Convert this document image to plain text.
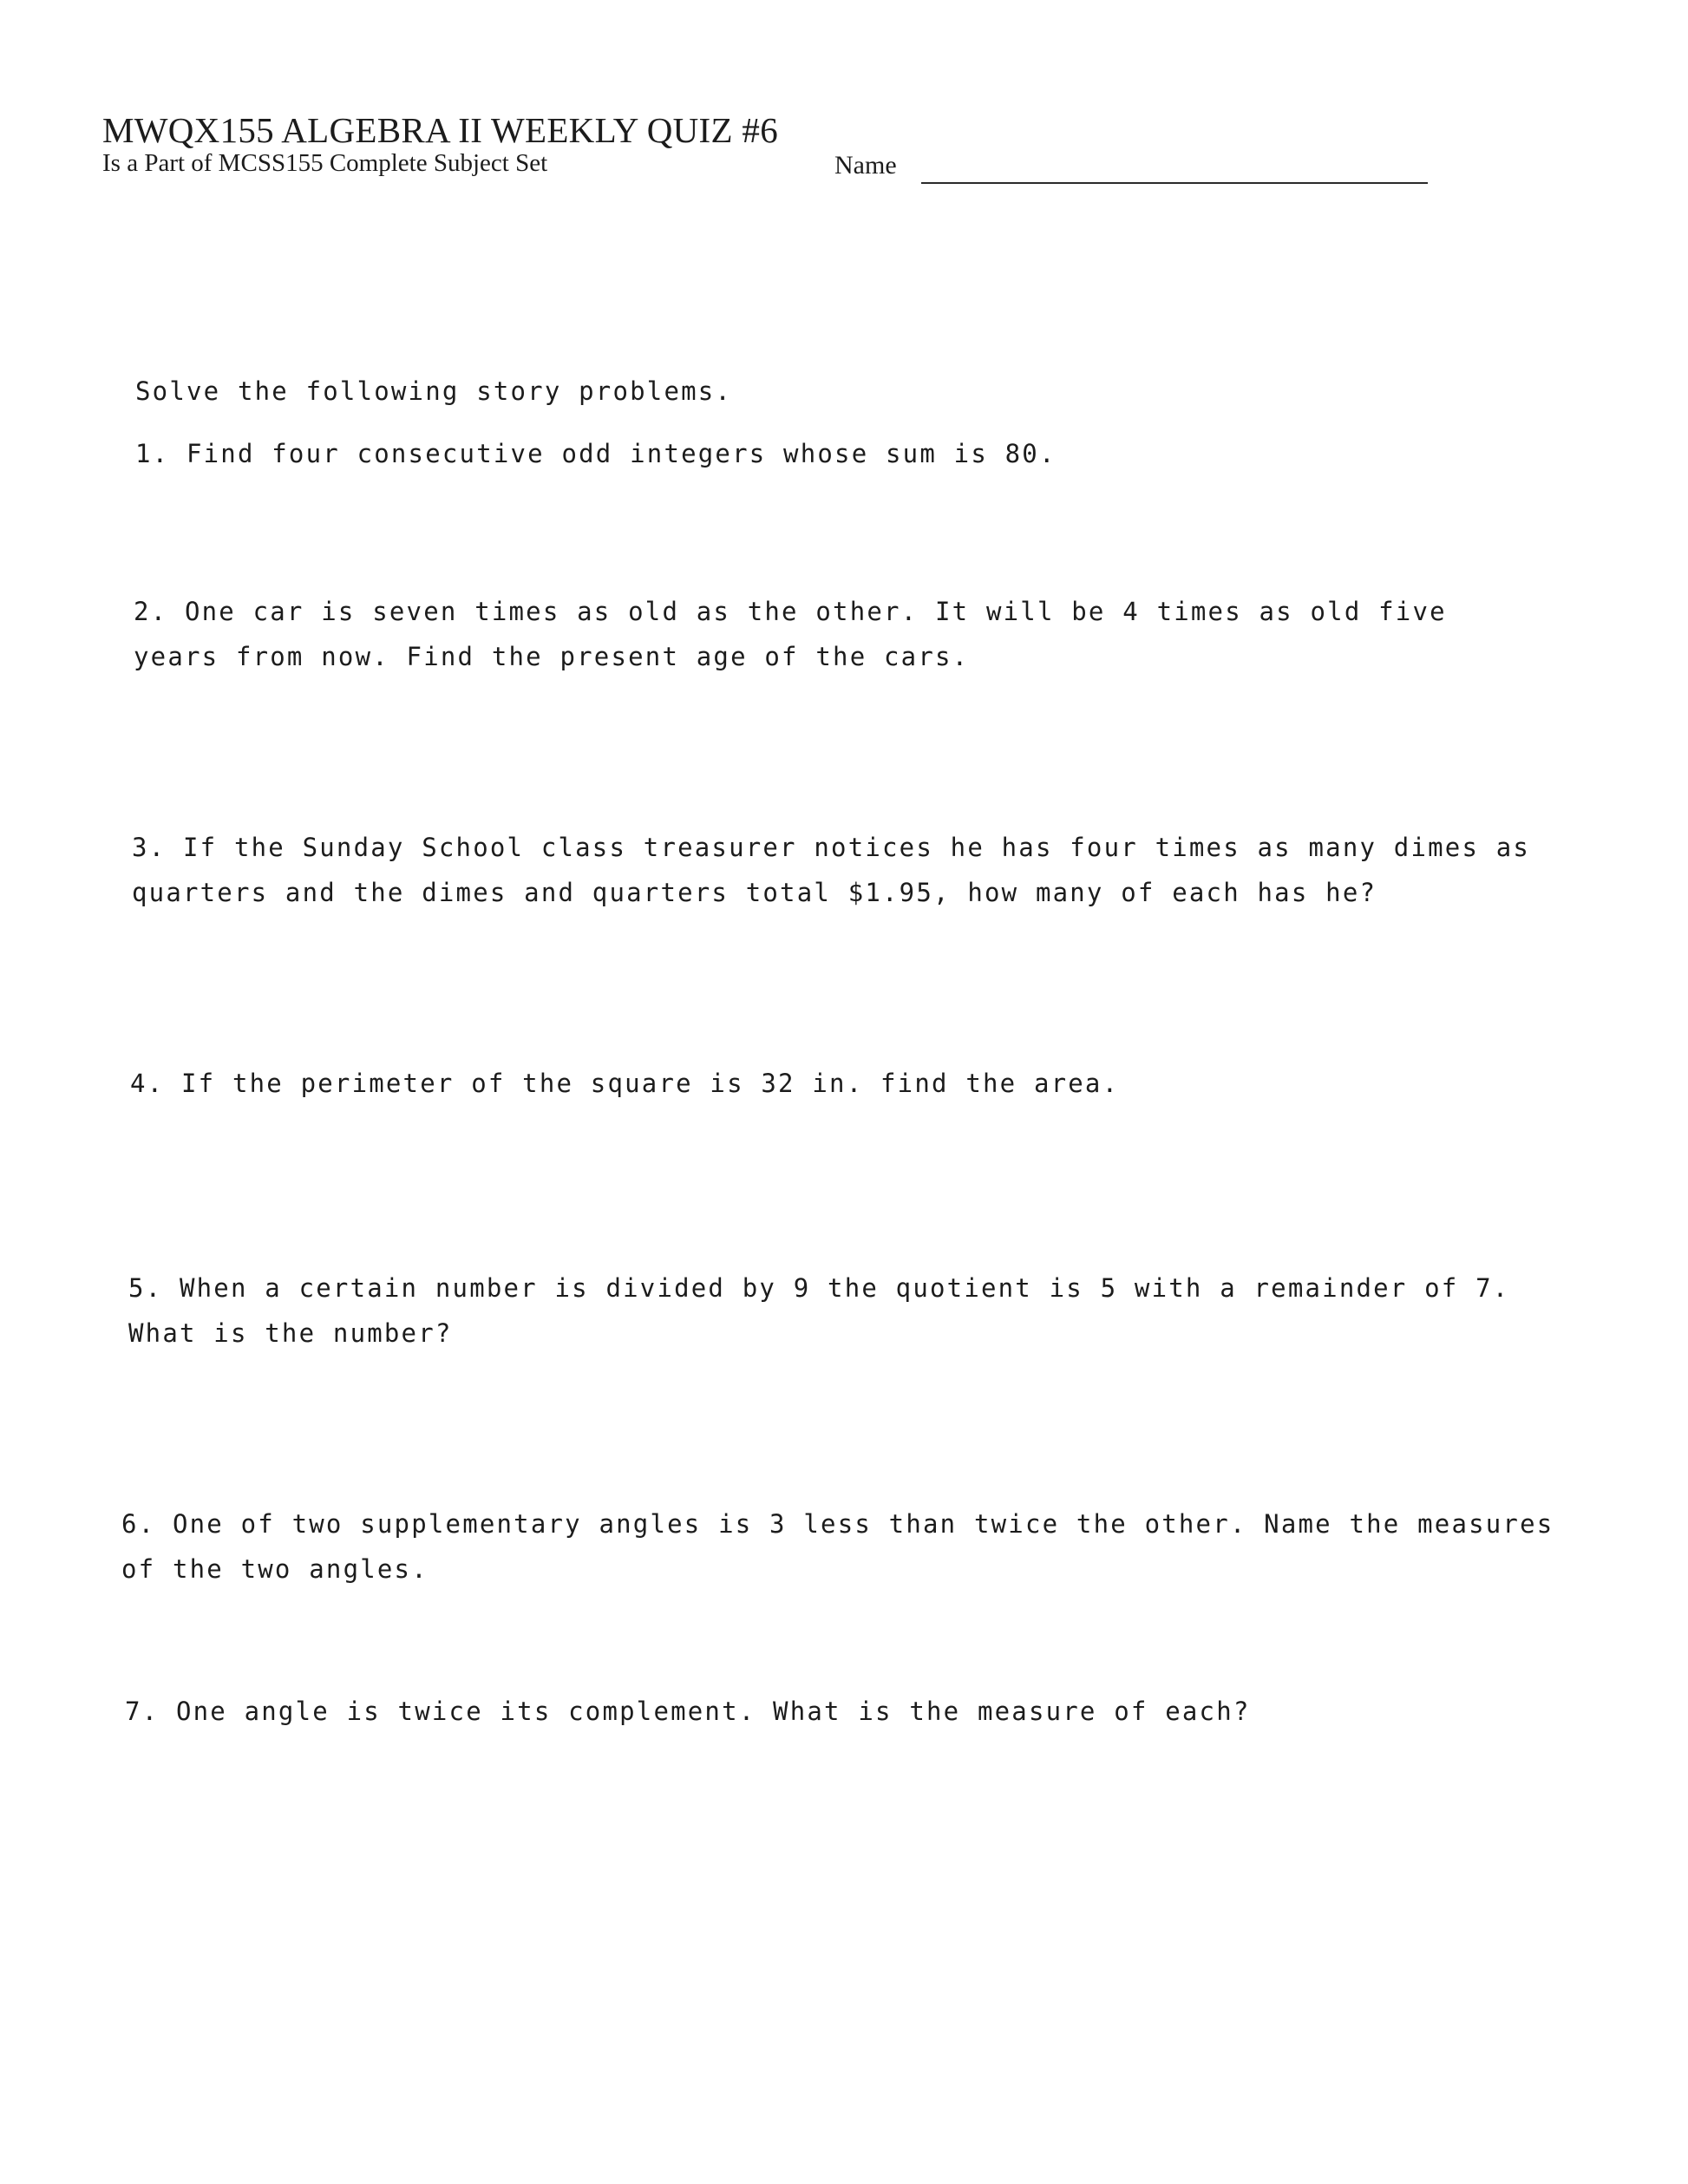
MWQX155 ALGEBRA II WEEKLY QUIZ #6
Is a Part of MCSS155 Complete Subject Set	Name
Solve the following story problems.
1. Find four consecutive odd integers whose sum is 80.
2. One car is seven times as old as the other. It will be 4 times as old five
years from now. Find the present age of the cars.
3. If the Sunday School class treasurer notices he has four times as many dimes as
quarters and the dimes and quarters total $1.95, how many of each has he?
4. If the perimeter of the square is 32 in. find the area.
5. When a certain number is divided by 9 the quotient is 5 with a remainder of 7.
What is the number?
6. One of two supplementary angles is 3 less than twice the other. Name the measures
of the two angles.
7. One angle is twice its complement. What is the measure of each?
